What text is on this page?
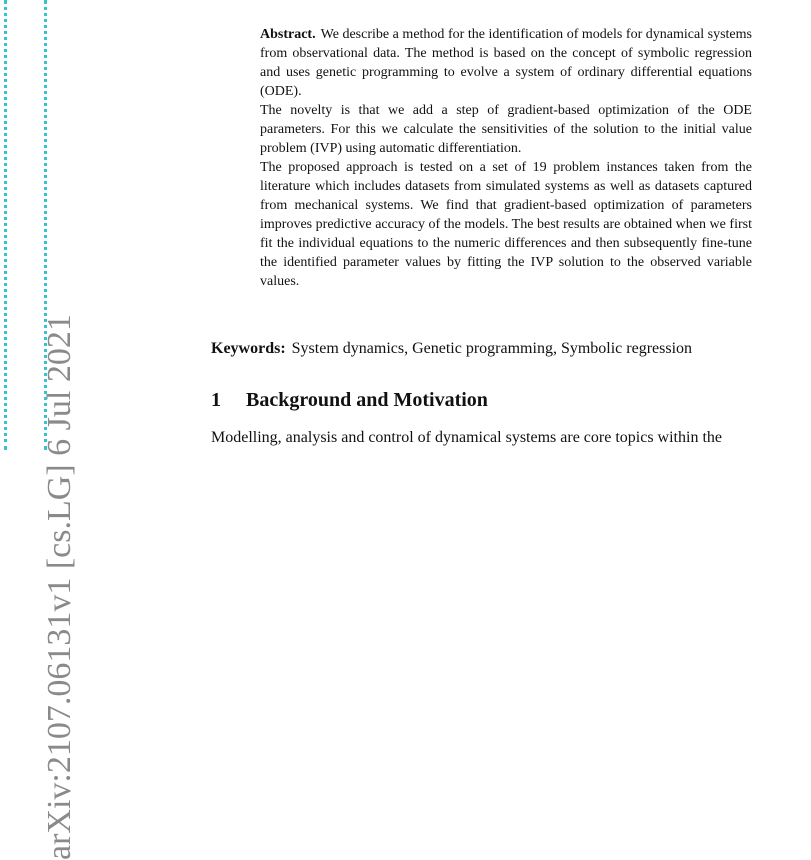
arXiv:2107.06131v1 [cs.LG] 6 Jul 2021

Abstract. We describe a method for the identification of models for dynamical systems from observational data. The method is based on the concept of symbolic regression and uses genetic programming to evolve a system of ordinary differential equations (ODE).

The novelty is that we add a step of gradient-based optimization of the ODE parameters. For this we calculate the sensitivities of the solution to the initial value problem (IVP) using automatic differentiation.

The proposed approach is tested on a set of 19 problem instances taken from the literature which includes datasets from simulated systems as well as datasets captured from mechanical systems. We find that gradient-based optimization of parameters improves predictive accuracy of the models. The best results are obtained when we first fit the individual equations to the numeric differences and then subsequently fine-tune the identified parameter values by fitting the IVP solution to the observed variable values.

Keywords: System dynamics, Genetic programming, Symbolic regression
1 Background and Motivation
Modelling, analysis and control of dynamical systems are core topics within the
